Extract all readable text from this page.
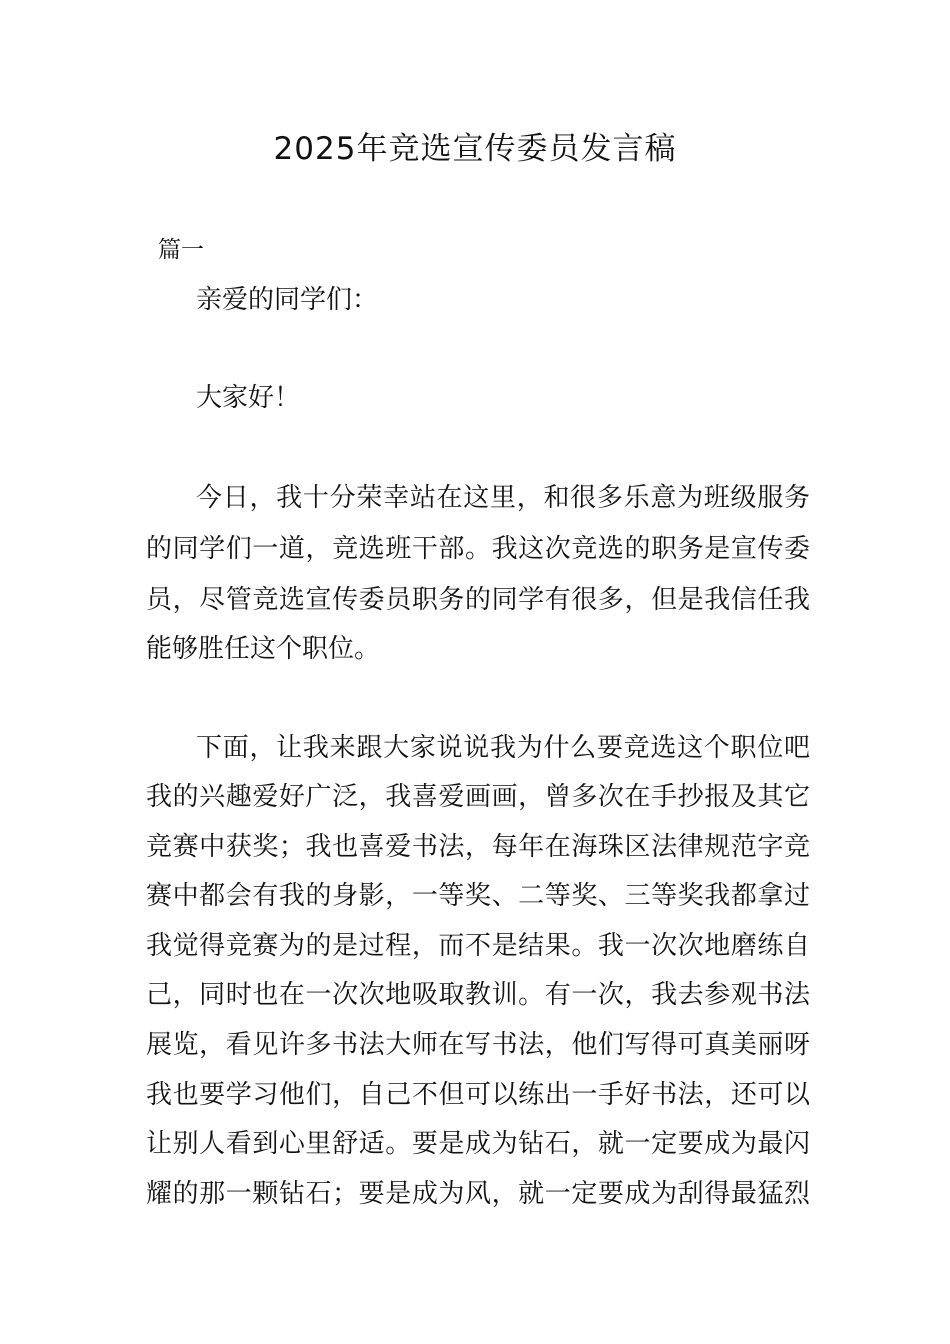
2025年竞选宣传委员发言稿
篇一
亲爱的同学们：
大家好！
今日，我十分荣幸站在这里，和很多乐意为班级服务
的同学们一道，竞选班干部。我这次竞选的职务是宣传委
员，尽管竞选宣传委员职务的同学有很多，但是我信任我
能够胜任这个职位。
下面，让我来跟大家说说我为什么要竞选这个职位吧
我的兴趣爱好广泛，我喜爱画画，曾多次在手抄报及其它
竞赛中获奖；我也喜爱书法，每年在海珠区法律规范字竞
赛中都会有我的身影，一等奖、二等奖、三等奖我都拿过
我觉得竞赛为的是过程，而不是结果。我一次次地磨练自
己，同时也在一次次地吸取教训。有一次，我去参观书法
展览，看见许多书法大师在写书法，他们写得可真美丽呀
我也要学习他们，自己不但可以练出一手好书法，还可以
让别人看到心里舒适。要是成为钻石，就一定要成为最闪
耀的那一颗钻石；要是成为风，就一定要成为刮得最猛烈
